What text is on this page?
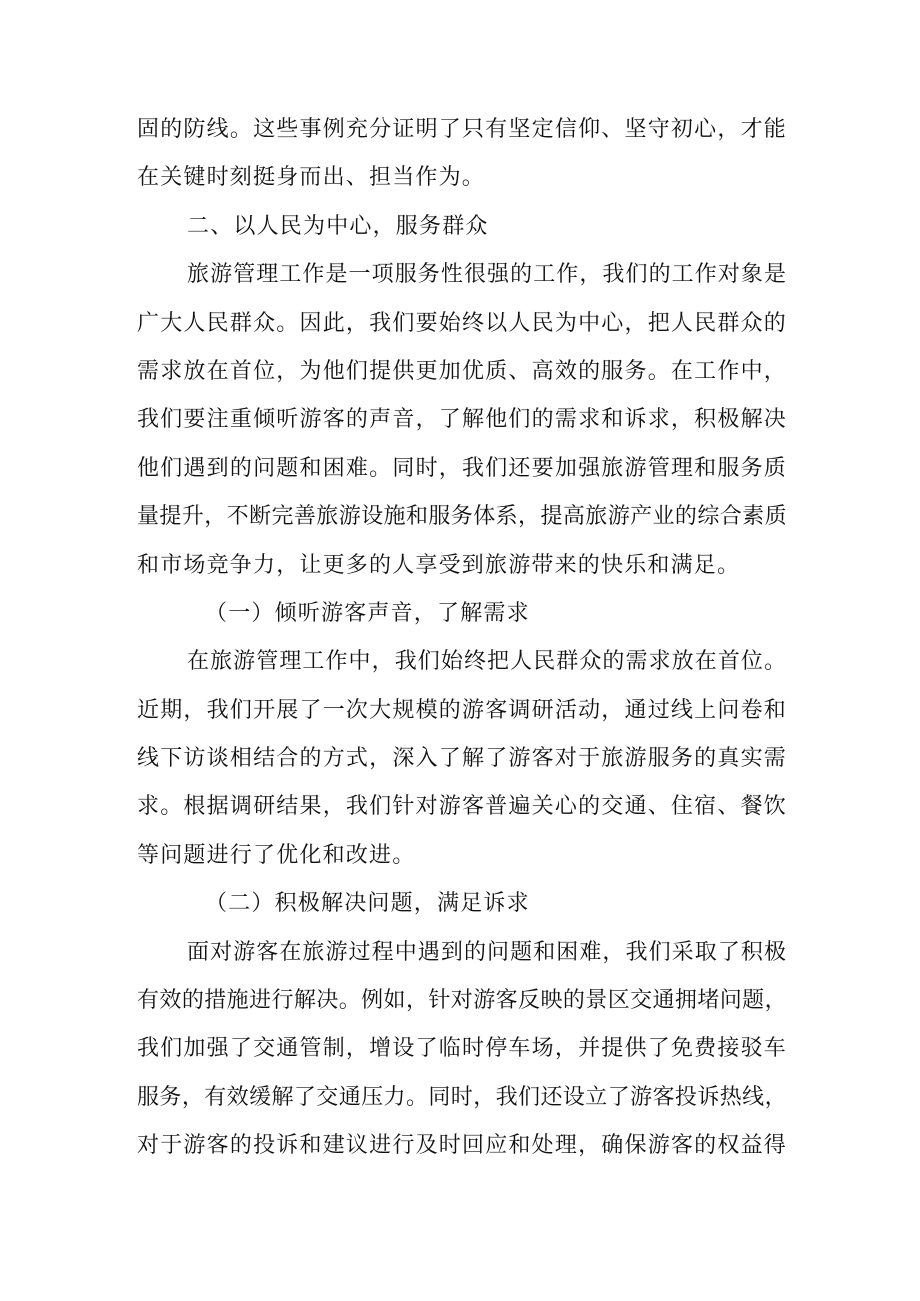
固的防线。这些事例充分证明了只有坚定信仰、坚守初心，才能
在关键时刻挺身而出、担当作为。
二、以人民为中心，服务群众
旅游管理工作是一项服务性很强的工作，我们的工作对象是
广大人民群众。因此，我们要始终以人民为中心，把人民群众的
需求放在首位，为他们提供更加优质、高效的服务。在工作中，
我们要注重倾听游客的声音，了解他们的需求和诉求，积极解决
他们遇到的问题和困难。同时，我们还要加强旅游管理和服务质
量提升，不断完善旅游设施和服务体系，提高旅游产业的综合素质
和市场竞争力，让更多的人享受到旅游带来的快乐和满足。
（一）倾听游客声音，了解需求
在旅游管理工作中，我们始终把人民群众的需求放在首位。
近期，我们开展了一次大规模的游客调研活动，通过线上问卷和
线下访谈相结合的方式，深入了解了游客对于旅游服务的真实需
求。根据调研结果，我们针对游客普遍关心的交通、住宿、餐饮
等问题进行了优化和改进。
（二）积极解决问题，满足诉求
面对游客在旅游过程中遇到的问题和困难，我们采取了积极
有效的措施进行解决。例如，针对游客反映的景区交通拥堵问题，
我们加强了交通管制，增设了临时停车场，并提供了免费接驳车
服务，有效缓解了交通压力。同时，我们还设立了游客投诉热线，
对于游客的投诉和建议进行及时回应和处理，确保游客的权益得
